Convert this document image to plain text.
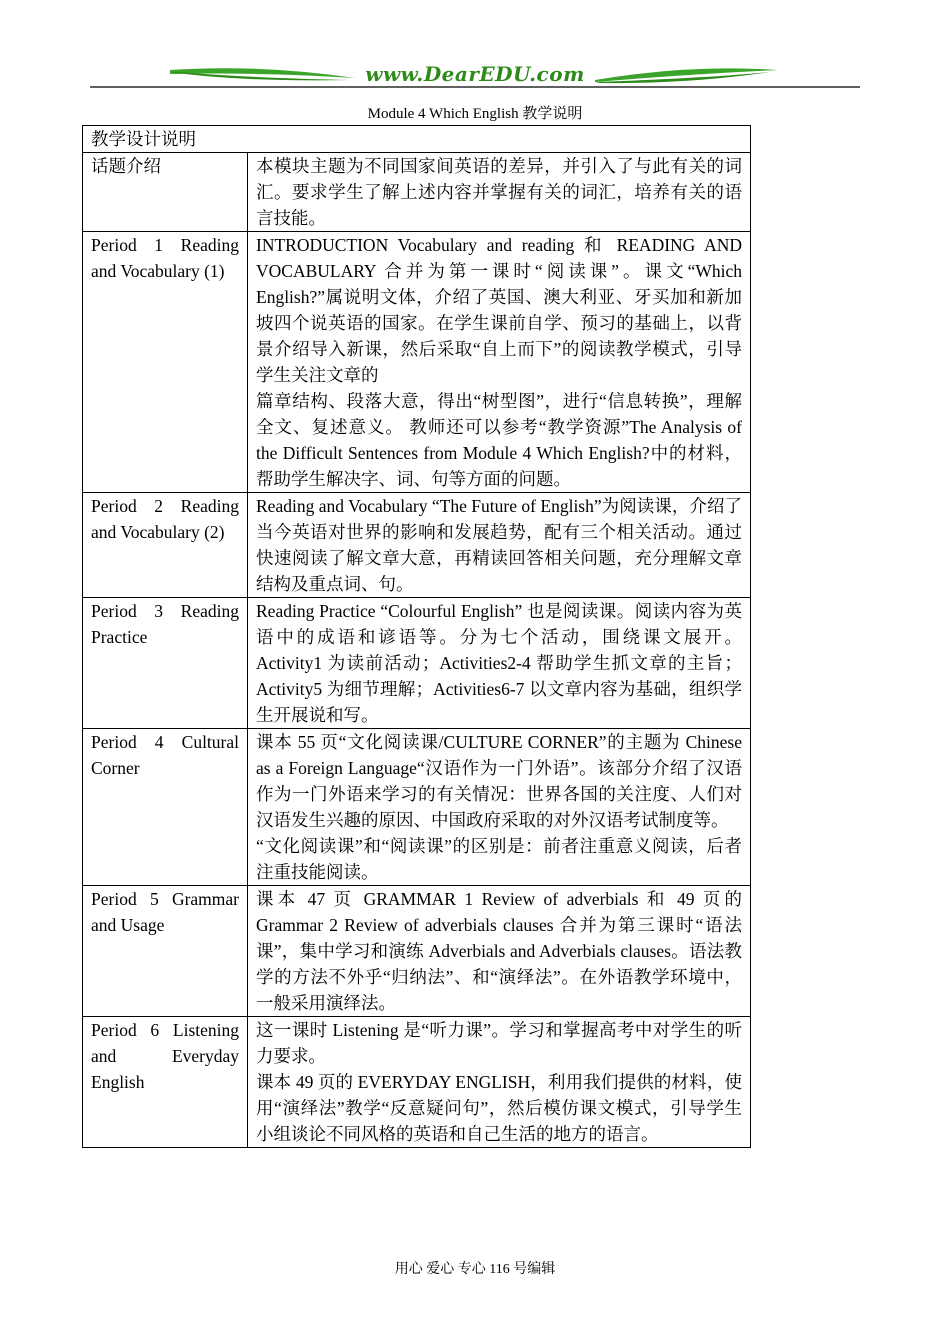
www.DearEDU.com
Module 4 Which English 教学说明
教学设计说明	
话题介绍	本模块主题为不同国家间英语的差异，并引入了与此有关的词汇。要求学生了解上述内容并掌握有关的词汇，培养有关的语言技能。

Period 1 Reading and Vocabulary (1)	INTRODUCTION Vocabulary and reading 和 READING AND VOCABULARY 合并为第一课时“阅读课”。课文“Which English?”属说明文体，介绍了英国、澳大利亚、牙买加和新加坡四个说英语的国家。在学生课前自学、预习的基础上，以背景介绍导入新课，然后采取“自上而下”的阅读教学模式，引导学生关注文章的
篇章结构、段落大意，得出“树型图”，进行“信息转换”，理解全文、复述意义。 教师还可以参考“教学资源”The Analysis of the Difficult Sentences from Module 4 Which English?中的材料，帮助学生解决字、词、句等方面的问题。

Period 2 Reading and Vocabulary (2)	Reading and Vocabulary “The Future of English”为阅读课，介绍了当今英语对世界的影响和发展趋势，配有三个相关活动。通过快速阅读了解文章大意，再精读回答相关问题，充分理解文章结构及重点词、句。

Period 3 Reading Practice	Reading Practice “Colourful English” 也是阅读课。阅读内容为英语中的成语和谚语等。分为七个活动，围绕课文展开。Activity1 为读前活动；Activities2-4 帮助学生抓文章的主旨；Activity5 为细节理解；Activities6-7 以文章内容为基础，组织学生开展说和写。

Period 4 Cultural Corner	课本 55 页“文化阅读课/CULTURE CORNER”的主题为 Chinese as a Foreign Language“汉语作为一门外语”。该部分介绍了汉语作为一门外语来学习的有关情况：世界各国的关注度、人们对汉语发生兴趣的原因、中国政府采取的对外汉语考试制度等。
“文化阅读课”和“阅读课”的区别是：前者注重意义阅读，后者注重技能阅读。

Period 5 Grammar and Usage	课本 47 页 GRAMMAR 1 Review of adverbials 和 49 页的 Grammar 2 Review of adverbials clauses 合并为第三课时“语法课”，集中学习和演练 Adverbials and Adverbials clauses。语法教学的方法不外乎“归纳法”、和“演绎法”。在外语教学环境中，一般采用演绎法。

Period 6 Listening and Everyday English	这一课时 Listening 是“听力课”。学习和掌握高考中对学生的听力要求。
课本 49 页的 EVERYDAY ENGLISH，利用我们提供的材料，使用“演绎法”教学“反意疑问句”，然后模仿课文模式，引导学生小组谈论不同风格的英语和自己生活的地方的语言。
用心 爱心 专心 116 号编辑
